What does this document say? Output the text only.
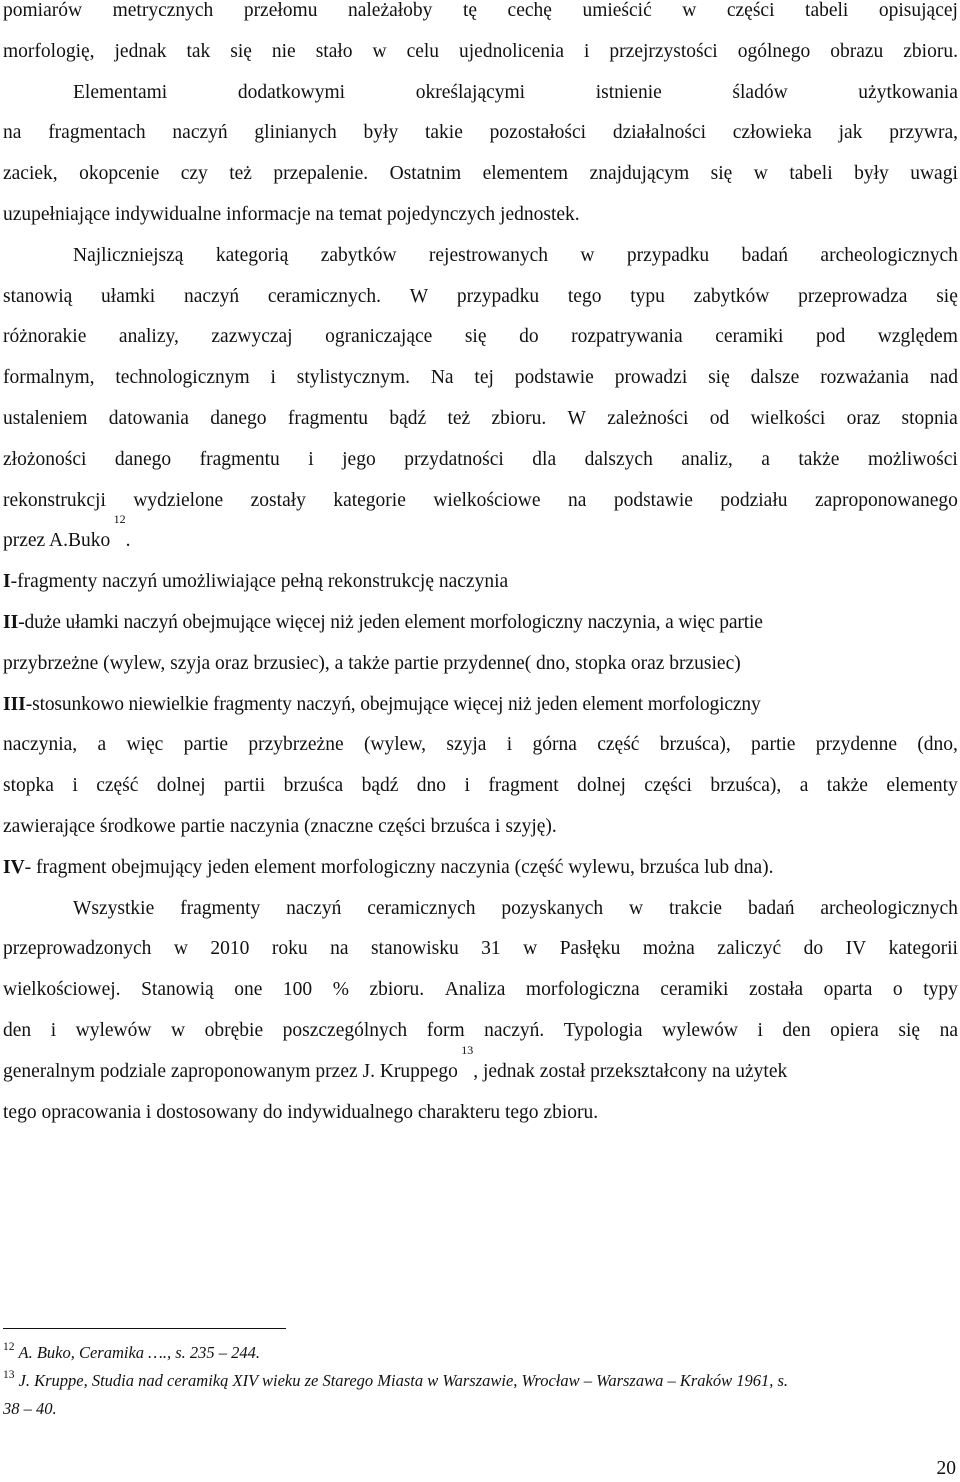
pomiarów metrycznych przełomu należałoby tę cechę umieścić w części tabeli opisującej
morfologię, jednak tak się nie stało w celu ujednolicenia i przejrzystości ogólnego obrazu zbioru.
Elementami	dodatkowymi	określającymi	istnienie	śladów	użytkowania
na fragmentach naczyń glinianych były takie pozostałości działalności człowieka jak przywra,
zaciek, okopcenie czy też przepalenie. Ostatnim elementem znajdującym się w tabeli były uwagi
uzupełniające indywidualne informacje na temat pojedynczych jednostek.
Najliczniejszą kategorią zabytków rejestrowanych w przypadku badań archeologicznych
stanowią ułamki naczyń ceramicznych. W przypadku tego typu zabytków przeprowadza się
różnorakie analizy, zazwyczaj ograniczające się do rozpatrywania ceramiki pod względem
formalnym, technologicznym i stylistycznym. Na tej podstawie prowadzi się dalsze rozważania nad
ustaleniem datowania danego fragmentu bądź też zbioru. W zależności od wielkości oraz stopnia
złożoności danego fragmentu i jego przydatności dla dalszych analiz, a także możliwości
rekonstrukcji wydzielone zostały kategorie wielkościowe na podstawie podziału zaproponowanego
przez A.Buko
12
.
I -fragmenty naczyń umożliwiające pełną rekonstrukcję naczynia
II -duże ułamki naczyń obejmujące więcej niż jeden element morfologiczny naczynia, a więc partie
przybrzeżne (wylew, szyja oraz brzusiec), a także partie przydenne( dno, stopka oraz brzusiec)
III -stosunkowo niewielkie fragmenty naczyń, obejmujące więcej niż jeden element morfologiczny
naczynia, a więc partie przybrzeżne (wylew, szyja i górna część brzuśca), partie przydenne (dno,
stopka i część dolnej partii brzuśca bądź dno i fragment dolnej części brzuśca), a także elementy
zawierające środkowe partie naczynia (znaczne części brzuśca i szyję).
IV - fragment obejmujący jeden element morfologiczny naczynia (część wylewu, brzuśca lub dna).
Wszystkie fragmenty naczyń ceramicznych pozyskanych w trakcie badań archeologicznych
przeprowadzonych w 2010 roku na stanowisku 31 w Pasłęku można zaliczyć do IV kategorii
wielkościowej. Stanowią one 100 % zbioru. Analiza morfologiczna ceramiki została oparta o typy
den i wylewów w obrębie poszczególnych form naczyń. Typologia wylewów i den opiera się na
generalnym podziale zaproponowanym przez J. Kruppego
13
, jednak został przekształcony na użytek
tego opracowania i dostosowany do indywidualnego charakteru tego zbioru.
$^{12}$ A. Buko, Ceramika …., s. 235 – 244.
$^{13}$ J. Kruppe, Studia nad ceramiką XIV wieku ze Starego Miasta w Warszawie, Wrocław – Warszawa – Kraków 1961, s.
38 – 40.
20
